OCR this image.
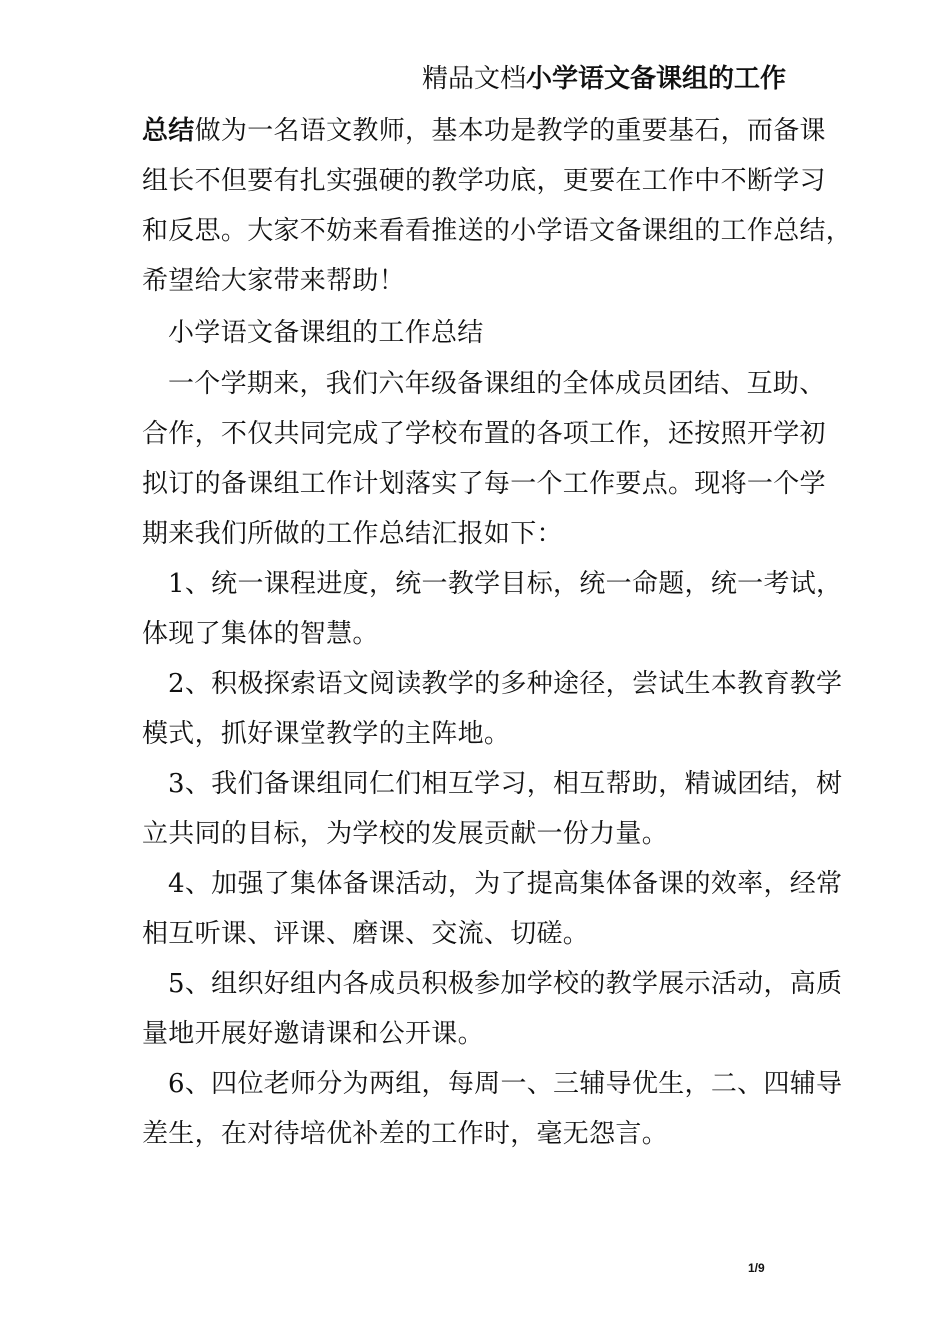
精品文档小学语文备课组的工作
总结做为一名语文教师，基本功是教学的重要基石，而备课
组长不但要有扎实强硬的教学功底，更要在工作中不断学习
和反思。大家不妨来看看推送的小学语文备课组的工作总结，
希望给大家带来帮助！
小学语文备课组的工作总结
一个学期来，我们六年级备课组的全体成员团结、互助、
合作，不仅共同完成了学校布置的各项工作，还按照开学初
拟订的备课组工作计划落实了每一个工作要点。现将一个学
期来我们所做的工作总结汇报如下：
1、统一课程进度，统一教学目标，统一命题，统一考试，
体现了集体的智慧。
2、积极探索语文阅读教学的多种途径，尝试生本教育教学
模式，抓好课堂教学的主阵地。
3、我们备课组同仁们相互学习，相互帮助，精诚团结，树
立共同的目标，为学校的发展贡献一份力量。
4、加强了集体备课活动，为了提高集体备课的效率，经常
相互听课、评课、磨课、交流、切磋。
5、组织好组内各成员积极参加学校的教学展示活动，高质
量地开展好邀请课和公开课。
6、四位老师分为两组，每周一、三辅导优生，二、四辅导
差生，在对待培优补差的工作时，毫无怨言。
1/9
